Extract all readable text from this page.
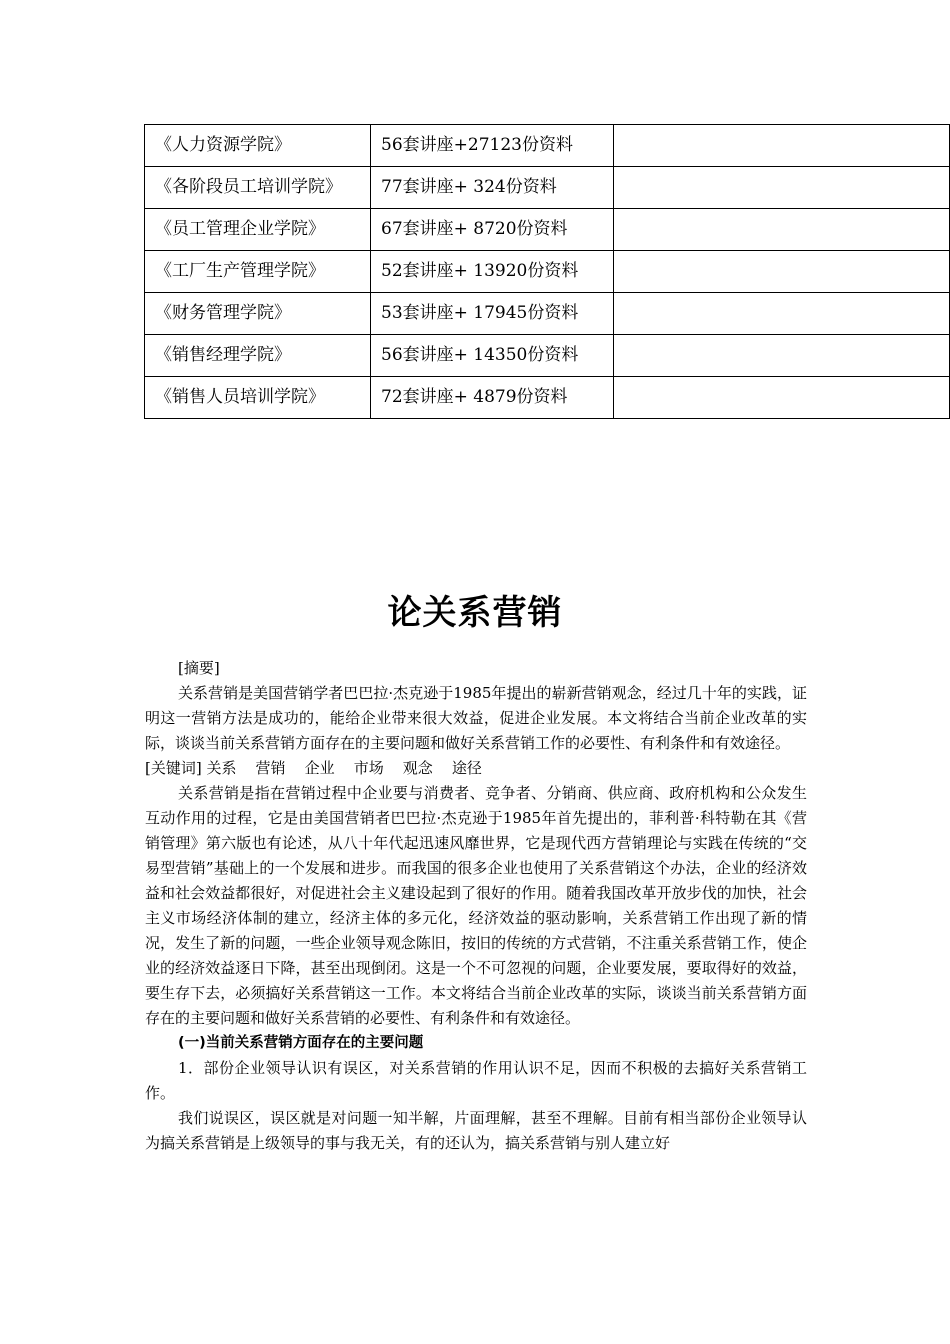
《人力资源学院》	56套讲座+27123份资料	

《各阶段员工培训学院》	77套讲座+ 324份资料	

《员工管理企业学院》	67套讲座+ 8720份资料	

《工厂生产管理学院》	52套讲座+ 13920份资料	

《财务管理学院》	53套讲座+ 17945份资料	

《销售经理学院》	56套讲座+ 14350份资料	

《销售人员培训学院》	72套讲座+ 4879份资料	

论关系营销

[摘要]

关系营销是美国营销学者巴巴拉·杰克逊于1985年提出的崭新营销观念，经过几十年的实践，证明这一营销方法是成功的，能给企业带来很大效益，促进企业发展。本文将结合当前企业改革的实际，谈谈当前关系营销方面存在的主要问题和做好关系营销工作的必要性、有利条件和有效途径。

[关键词] 关系    营销    企业    市场    观念    途径

关系营销是指在营销过程中企业要与消费者、竞争者、分销商、供应商、政府机构和公众发生互动作用的过程，它是由美国营销者巴巴拉·杰克逊于1985年首先提出的，菲利普·科特勒在其《营销管理》第六版也有论述，从八十年代起迅速风靡世界，它是现代西方营销理论与实践在传统的“交易型营销”基础上的一个发展和进步。而我国的很多企业也使用了关系营销这个办法，企业的经济效益和社会效益都很好，对促进社会主义建设起到了很好的作用。随着我国改革开放步伐的加快，社会主义市场经济体制的建立，经济主体的多元化，经济效益的驱动影响，关系营销工作出现了新的情况，发生了新的问题，一些企业领导观念陈旧，按旧的传统的方式营销，不注重关系营销工作，使企业的经济效益逐日下降，甚至出现倒闭。这是一个不可忽视的问题，企业要发展，要取得好的效益，要生存下去，必须搞好关系营销这一工作。本文将结合当前企业改革的实际，谈谈当前关系营销方面存在的主要问题和做好关系营销的必要性、有利条件和有效途径。

(一)当前关系营销方面存在的主要问题

1．部份企业领导认识有误区，对关系营销的作用认识不足，因而不积极的去搞好关系营销工作。

我们说误区，误区就是对问题一知半解，片面理解，甚至不理解。目前有相当部份企业领导认为搞关系营销是上级领导的事与我无关，有的还认为，搞关系营销与别人建立好
